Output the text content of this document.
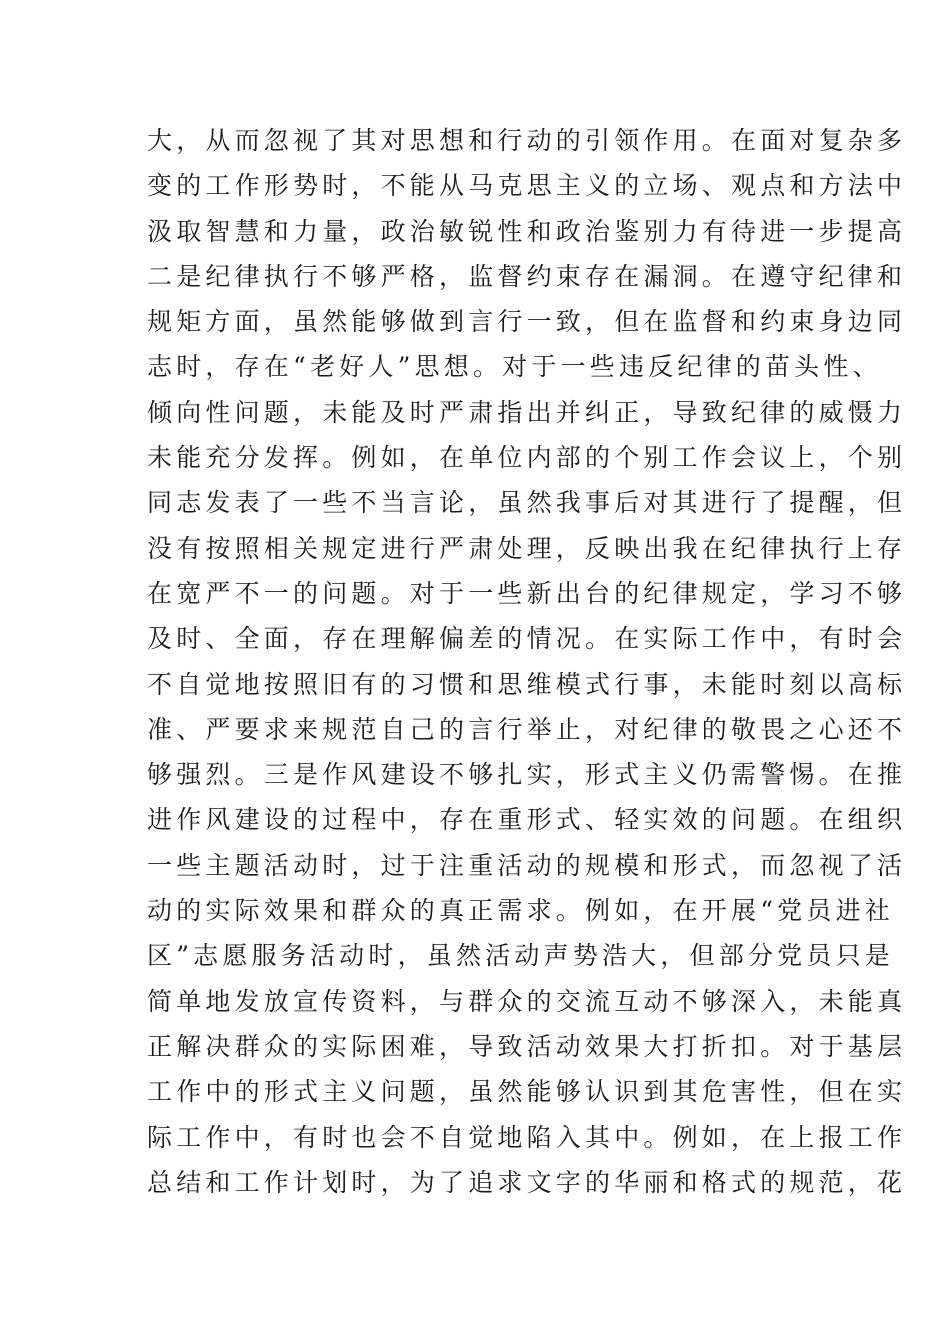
大，从而忽视了其对思想和行动的引领作用。在面对复杂多
变的工作形势时，不能从马克思主义的立场、观点和方法中
汲取智慧和力量，政治敏锐性和政治鉴别力有待进一步提高
二是纪律执行不够严格，监督约束存在漏洞。在遵守纪律和
规矩方面，虽然能够做到言行一致，但在监督和约束身边同
志时，存在“老好人”思想。对于一些违反纪律的苗头性、
倾向性问题，未能及时严肃指出并纠正，导致纪律的威慑力
未能充分发挥。例如，在单位内部的个别工作会议上，个别
同志发表了一些不当言论，虽然我事后对其进行了提醒，但
没有按照相关规定进行严肃处理，反映出我在纪律执行上存
在宽严不一的问题。对于一些新出台的纪律规定，学习不够
及时、全面，存在理解偏差的情况。在实际工作中，有时会
不自觉地按照旧有的习惯和思维模式行事，未能时刻以高标
准、严要求来规范自己的言行举止，对纪律的敬畏之心还不
够强烈。三是作风建设不够扎实，形式主义仍需警惕。在推
进作风建设的过程中，存在重形式、轻实效的问题。在组织
一些主题活动时，过于注重活动的规模和形式，而忽视了活
动的实际效果和群众的真正需求。例如，在开展“党员进社
区”志愿服务活动时，虽然活动声势浩大，但部分党员只是
简单地发放宣传资料，与群众的交流互动不够深入，未能真
正解决群众的实际困难，导致活动效果大打折扣。对于基层
工作中的形式主义问题，虽然能够认识到其危害性，但在实
际工作中，有时也会不自觉地陷入其中。例如，在上报工作
总结和工作计划时，为了追求文字的华丽和格式的规范，花
